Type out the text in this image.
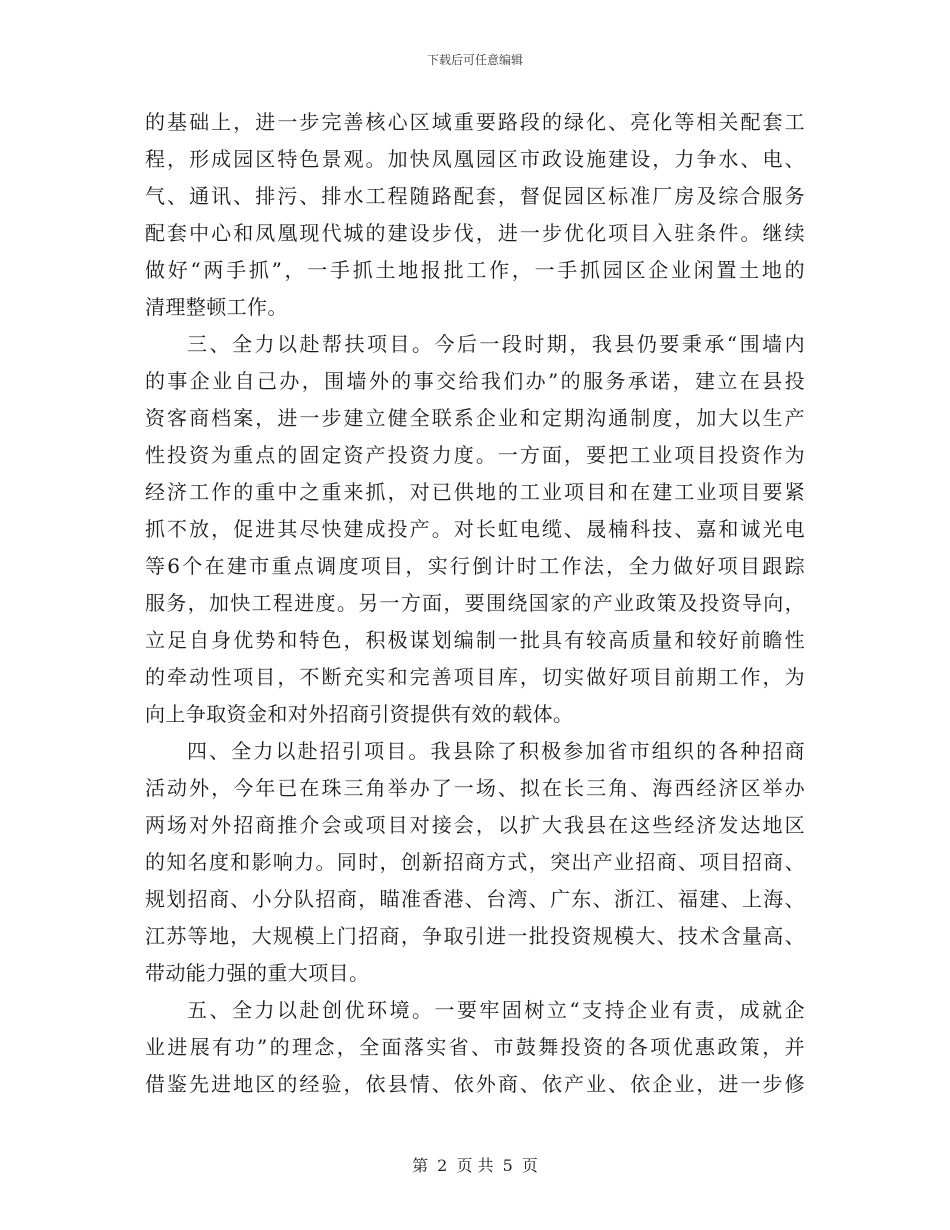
下载后可任意编辑
的基础上，进一步完善核心区域重要路段的绿化、亮化等相关配套工
程，形成园区特色景观。加快凤凰园区市政设施建设，力争水、电、
气、通讯、排污、排水工程随路配套，督促园区标准厂房及综合服务
配套中心和凤凰现代城的建设步伐，进一步优化项目入驻条件。继续
做好“两手抓”，一手抓土地报批工作，一手抓园区企业闲置土地的
清理整顿工作。
三、全力以赴帮扶项目。今后一段时期，我县仍要秉承“围墙内
的事企业自己办，围墙外的事交给我们办”的服务承诺，建立在县投
资客商档案，进一步建立健全联系企业和定期沟通制度，加大以生产
性投资为重点的固定资产投资力度。一方面，要把工业项目投资作为
经济工作的重中之重来抓，对已供地的工业项目和在建工业项目要紧
抓不放，促进其尽快建成投产。对长虹电缆、晟楠科技、嘉和诚光电
等6个在建市重点调度项目，实行倒计时工作法，全力做好项目跟踪
服务，加快工程进度。另一方面，要围绕国家的产业政策及投资导向，
立足自身优势和特色，积极谋划编制一批具有较高质量和较好前瞻性
的牵动性项目，不断充实和完善项目库，切实做好项目前期工作，为
向上争取资金和对外招商引资提供有效的载体。
四、全力以赴招引项目。我县除了积极参加省市组织的各种招商
活动外，今年已在珠三角举办了一场、拟在长三角、海西经济区举办
两场对外招商推介会或项目对接会，以扩大我县在这些经济发达地区
的知名度和影响力。同时，创新招商方式，突出产业招商、项目招商、
规划招商、小分队招商，瞄准香港、台湾、广东、浙江、福建、上海、
江苏等地，大规模上门招商，争取引进一批投资规模大、技术含量高、
带动能力强的重大项目。
五、全力以赴创优环境。一要牢固树立“支持企业有责，成就企
业进展有功”的理念，全面落实省、市鼓舞投资的各项优惠政策，并
借鉴先进地区的经验，依县情、依外商、依产业、依企业，进一步修
第 2 页 共 5 页
